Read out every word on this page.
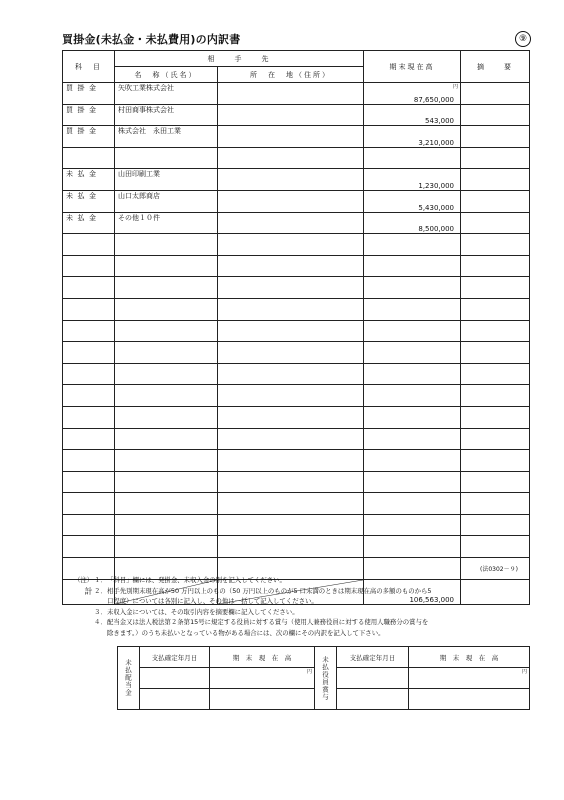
買掛金(未払金・未払費用)の内訳書	⑨
科　目	相　　手　　先		期末現在高	摘　　要
	名　称（氏名）	所　在　地（住所）		
買掛金	矢吹工業株式会社		87,650,000
円	

買掛金	村田商事株式会社		543,000	
買掛金	株式会社　永田工業		3,210,000	

未払金	山田印刷工業		1,230,000	
未払金	山口太郎商店		5,430,000	
未払金	その他１０件		8,500,000	

計			106,563,000	
(法0302－９)
（注） １． 「科目」欄には、発掛金、未収入金の別を記入してください。
２． 相手先別期末現在高が50 万円以上のもの（50 万円以上のものが5 口未満のときは期末現在高の多額のものから5
口程度）については各別に記入し、その他は一括して記入してください。
３． 未収入金については、その取引内容を摘要欄に記入してください。
４． 配当金又は法人税法第２条第15号に規定する役員に対する賞与（使用人兼務役員に対する使用人職務分の賞与を
除きます。）のうち未払いとなっている物がある場合には、次の欄にその内訳を記入して下さい。
未払配当金	支払確定年月日	期　末　現　在　高	未払役員賞与	支払確定年月日	期　末　現　在　高

		円			円
